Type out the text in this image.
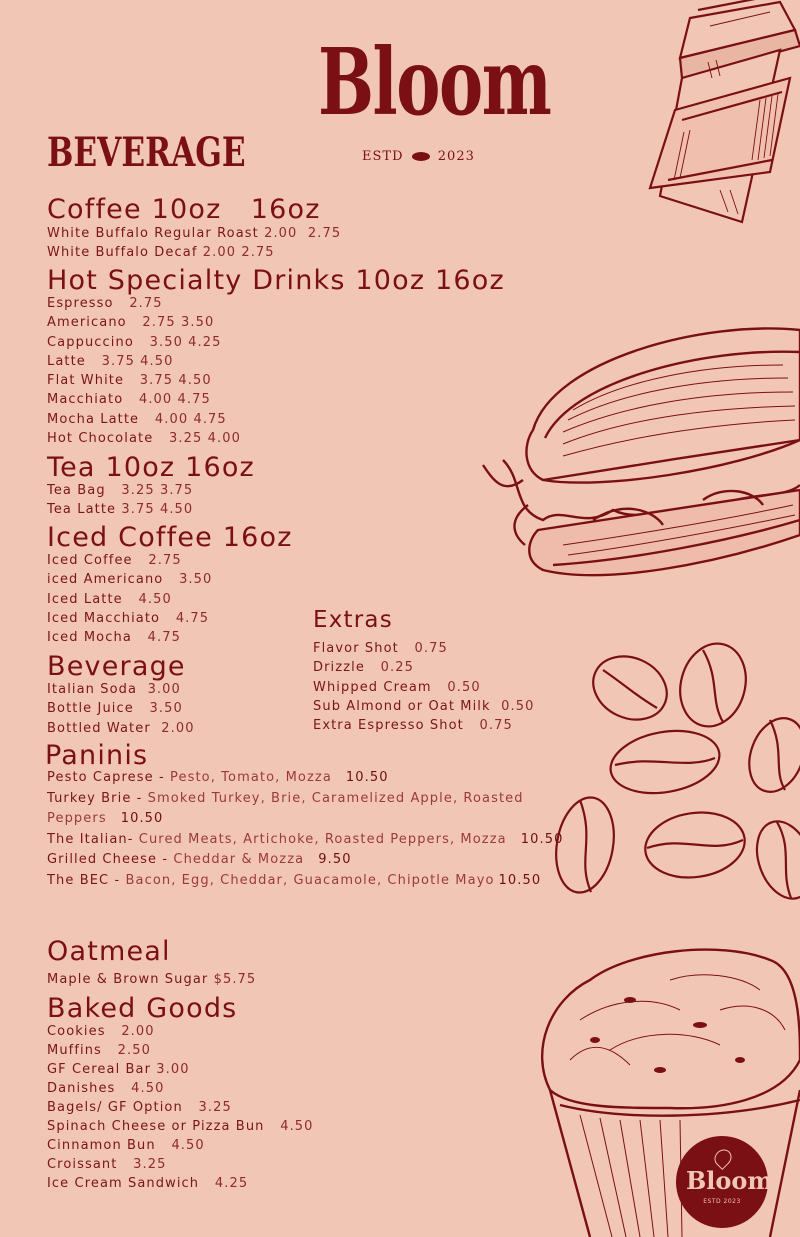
Bloom
ESTD 2023
Bloom
ESTD	2023
BEVERAGE
Coffee 10oz   16oz
White Buffalo Regular Roast 2.00  2.75
White Buffalo Decaf 2.00 2.75
Hot Specialty Drinks 10oz 16oz
Espresso 2.75
Americano 2.75 3.50
Cappuccino 3.50 4.25
Latte 3.75 4.50
Flat White 3.75 4.50
Macchiato 4.00 4.75
Mocha Latte 4.00 4.75
Hot Chocolate 3.25 4.00
Tea 10oz 16oz
Tea Bag 3.25 3.75
Tea Latte 3.75 4.50
Iced Coffee 16oz
Iced Coffee 2.75
iced Americano 3.50
Iced Latte 4.50
Iced Macchiato 4.75
Iced Mocha 4.75
Extras
Flavor Shot 0.75
Drizzle 0.25
Whipped Cream 0.50
Sub Almond or Oat Milk 0.50
Extra Espresso Shot 0.75
Beverage
Italian Soda 3.00
Bottle Juice 3.50
Bottled Water 2.00
Paninis
Pesto Caprese - Pesto, Tomato, Mozza 10.50
Turkey Brie - Smoked Turkey, Brie, Caramelized Apple, Roasted Peppers 10.50
The Italian- Cured Meats, Artichoke, Roasted Peppers, Mozza 10.50
Grilled Cheese - Cheddar & Mozza 9.50
The BEC - Bacon, Egg, Cheddar, Guacamole, Chipotle Mayo 10.50
Oatmeal
Maple & Brown Sugar $5.75
Baked Goods
Cookies 2.00
Muffins 2.50
GF Cereal Bar 3.00
Danishes 4.50
Bagels/ GF Option 3.25
Spinach Cheese or Pizza Bun 4.50
Cinnamon Bun 4.50
Croissant 3.25
Ice Cream Sandwich 4.25
